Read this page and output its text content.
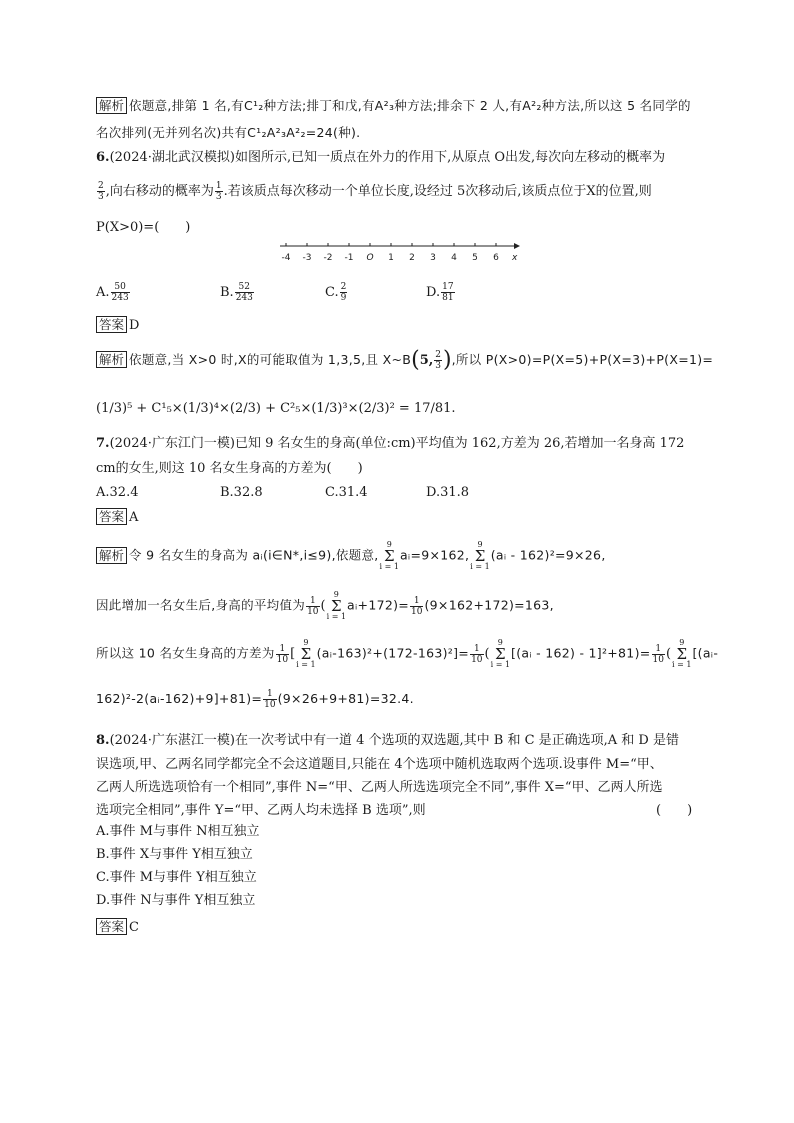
解析 依题意,排第 1 名,有C¹₂种方法;排丁和戊,有A²₃种方法;排余下 2 人,有A²₂种方法,所以这 5 名同学的
名次排列(无并列名次)共有C¹₂A²₃A²₂=24(种).
6.(2024·湖北武汉模拟)如图所示,已知一质点在外力的作用下,从原点 O出发,每次向左移动的概率为
$\frac{2}{3}$ ,向右移动的概率为 $\frac{1}{3}$ .若该质点每次移动一个单位长度,设经过 5次移动后,该质点位于X的位置,则
P(X>0)=(　　)
-4 -3 -2 -1 O 1 2 3 4 5 6 x
A. $\frac{50}{243}$	B. $\frac{52}{243}$	C. $\frac{2}{9}$	D. $\frac{17}{81}$
答案 D
解析 依题意,当 X>0 时,X的可能取值为 1,3,5,且 X~B(5, $\frac{2}{3}$ ),所以 P(X>0)=P(X=5)+P(X=3)+P(X=1)=
(1/3)⁵ + C¹₅×(1/3)⁴×(2/3) + C²₅×(1/3)³×(2/3)² = 17/81.
7.(2024·广东江门一模)已知 9 名女生的身高(单位:cm)平均值为 162,方差为 26,若增加一名身高 172
cm的女生,则这 10 名女生身高的方差为(　　)
A.32.4	B.32.8	C.31.4	D.31.8
答案 A
解析 令 9 名女生的身高为 aᵢ(i∈N*,i≤9),依题意,
9
Σ
i = 1
aᵢ=9×162,
9
Σ
i = 1
(aᵢ - 162)²=9×26,
因此增加一名女生后,身高的平均值为 $\frac{1}{10}$ (
9
Σ
i = 1
aᵢ+172)= $\frac{1}{10} (9\times 162+172)=163$,
所以这 10 名女生身高的方差为 $\frac{1}{10}$ [
9
Σ
i = 1
(aᵢ-163)²+(172-163)²]= $\frac{1}{10}$ (
9
Σ
i = 1
[(aᵢ - $162) - 1]^2+81)= \frac{1}{10}$ (
9
Σ
i = 1
[(aᵢ-
162)²-2(aᵢ-162)+9]+81)= $\frac{1}{10} (9\times 26+9+81)=32.4$.
8.(2024·广东湛江一模)在一次考试中有一道 4 个选项的双选题,其中 B 和 C 是正确选项,A 和 D 是错
误选项,甲、乙两名同学都完全不会这道题目,只能在 4个选项中随机选取两个选项.设事件 M=“甲、
乙两人所选选项恰有一个相同”,事件 N=“甲、乙两人所选选项完全不同”,事件 X=“甲、乙两人所选
选项完全相同”,事件 Y=“甲、乙两人均未选择 B 选项”,则	(　　)
A.事件 M与事件 N相互独立
B.事件 X与事件 Y相互独立
C.事件 M与事件 Y相互独立
D.事件 N与事件 Y相互独立
答案 C
